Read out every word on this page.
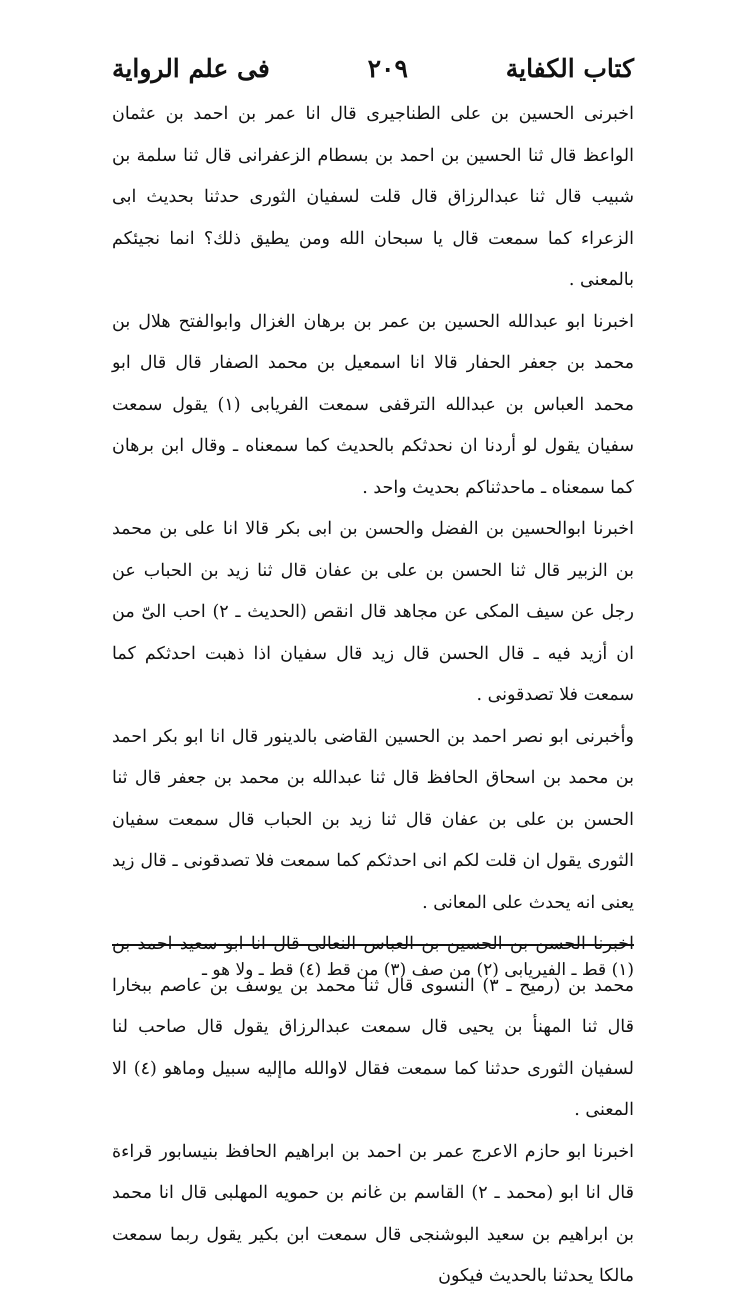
كتاب الكفاية
٢٠٩
فى علم الرواية

اخبرنى الحسين بن على الطناجيرى قال انا عمر بن احمد بن عثمان الواعظ قال ثنا الحسين بن احمد بن بسطام الزعفرانى قال ثنا سلمة بن شبيب قال ثنا عبدالرزاق قال قلت لسفيان الثورى حدثنا بحديث ابى الزعراء كما سمعت قال يا سبحان الله ومن يطيق ذلك؟ انما نجيئكم بالمعنى .

اخبرنا ابو عبدالله الحسين بن عمر بن برهان الغزال وابوالفتح هلال بن محمد بن جعفر الحفار قالا انا اسمعيل بن محمد الصفار قال قال ابو محمد العباس بن عبدالله الترقفى سمعت الفريابى (١) يقول سمعت سفيان يقول لو أردنا ان نحدثكم بالحديث كما سمعناه ـ وقال ابن برهان كما سمعناه ـ ماحدثناكم بحديث واحد .

اخبرنا ابوالحسين بن الفضل والحسن بن ابى بكر قالا انا على بن محمد بن الزبير قال ثنا الحسن بن على بن عفان قال ثنا زيد بن الحباب عن رجل عن سيف المكى عن مجاهد قال انقص (الحديث ـ ٢) احب الىّ من ان أزيد فيه ـ قال الحسن قال زيد قال سفيان اذا ذهبت احدثكم كما سمعت فلا تصدقونى .

وأخبرنى ابو نصر احمد بن الحسين القاضى بالدينور قال انا ابو بكر احمد بن محمد بن اسحاق الحافظ قال ثنا عبدالله بن محمد بن جعفر قال ثنا الحسن بن على بن عفان قال ثنا زيد بن الحباب قال سمعت سفيان الثورى يقول ان قلت لكم انى احدثكم كما سمعت فلا تصدقونى ـ قال زيد يعنى انه يحدث على المعانى .

اخبرنا الحسن بن الحسين بن العباس النعالى قال انا ابو سعيد احمد بن محمد بن (رميح ـ ٣) النسوى قال ثنا محمد بن يوسف بن عاصم ببخارا قال ثنا المهنأ بن يحيى قال سمعت عبدالرزاق يقول قال صاحب لنا لسفيان الثورى حدثنا كما سمعت فقال لاوالله ماإليه سبيل وماهو (٤) الا المعنى .

اخبرنا ابو حازم الاعرج عمر بن احمد بن ابراهيم الحافظ بنيسابور قراءة قال انا ابو (محمد ـ ٢) القاسم بن غانم بن حمويه المهلبى قال انا محمد بن ابراهيم بن سعيد البوشنجى قال سمعت ابن بكير يقول ربما سمعت مالكا يحدثنا بالحديث فيكون

(١) قط ـ الفيريابى (٢) من صف (٣) من قط (٤) قط ـ ولا هو ـ
